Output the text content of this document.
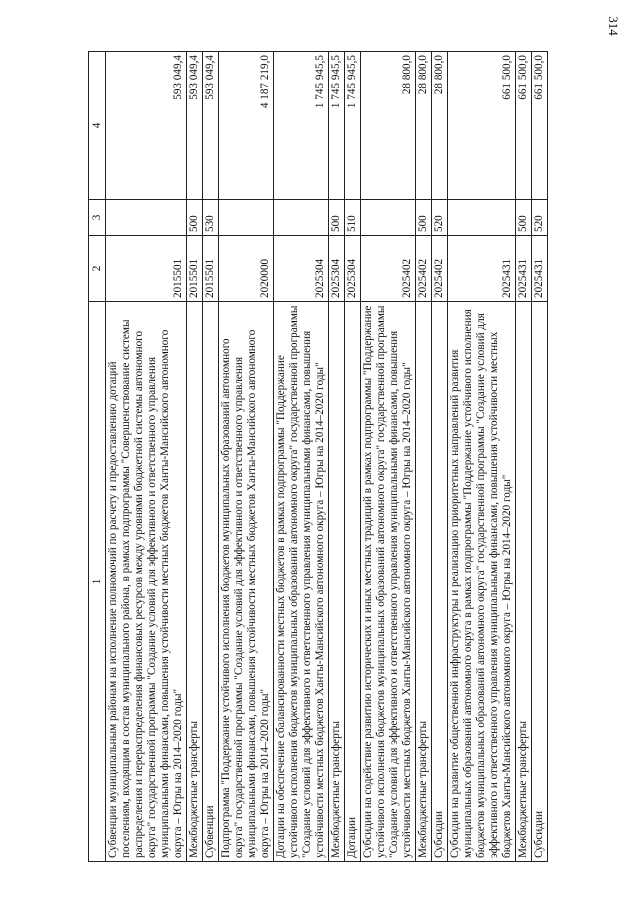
314
1	2	3	4
Субвенции муниципальным районам на исполнение полномочий по расчету и предоставлению дотаций поселениям, входящим в состав муниципального района, в рамках подпрограммы "Совершенствование системы распределения и перераспределения финансовых ресурсов между уровнями бюджетной системы автономного округа" государственной программы "Создание условий для эффективного и ответственного управления муниципальными финансами, повышения устойчивости местных бюджетов Ханты-Мансийского автономного округа – Югры на 2014–2020 годы"	2015501		593 049,4
Межбюджетные трансферты	2015501	500	593 049,4
Субвенции	2015501	530	593 049,4
Подпрограмма "Поддержание устойчивого исполнения бюджетов муниципальных образований автономного округа" государственной программы "Создание условий для эффективного и ответственного управления муниципальными финансами, повышения устойчивости местных бюджетов Ханты-Мансийского автономного округа – Югры на 2014–2020 годы"	2020000		4 187 219,0
Дотации на обеспечение сбалансированности местных бюджетов в рамках подпрограммы "Поддержание устойчивого исполнения бюджетов муниципальных образований автономного округа" государственной программы "Создание условий для эффективного и ответственного управления муниципальными финансами, повышения устойчивости местных бюджетов Ханты-Мансийского автономного округа – Югры на 2014–2020 годы"	2025304		1 745 945,5
Межбюджетные трансферты	2025304	500	1 745 945,5
Дотации	2025304	510	1 745 945,5
Субсидии на содействие развитию исторических и иных местных традиций в рамках подпрограммы "Поддержание устойчивого исполнения бюджетов муниципальных образований автономного округа" государственной программы "Создание условий для эффективного и ответственного управления муниципальными финансами, повышения устойчивости местных бюджетов Ханты-Мансийского автономного округа – Югры на 2014–2020 годы"	2025402		28 800,0
Межбюджетные трансферты	2025402	500	28 800,0
Субсидии	2025402	520	28 800,0
Субсидии на развитие общественной инфраструктуры и реализацию приоритетных направлений развития муниципальных образований автономного округа в рамках подпрограммы "Поддержание устойчивого исполнения бюджетов муниципальных образований автономного округа" государственной программы "Создание условий для эффективного и ответственного управления муниципальными финансами, повышения устойчивости местных бюджетов Ханты-Мансийского автономного округа – Югры на 2014–2020 годы"	2025431		661 500,0
Межбюджетные трансферты	2025431	500	661 500,0
Субсидии	2025431	520	661 500,0
